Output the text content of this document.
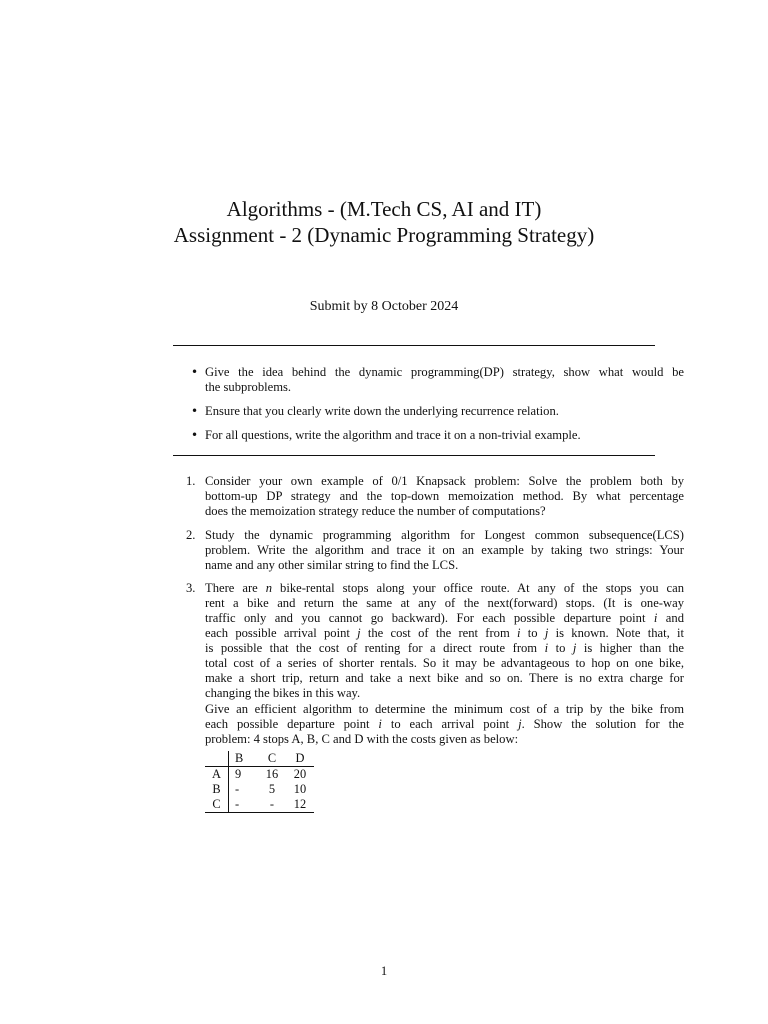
Algorithms - (M.Tech CS, AI and IT)
Assignment - 2 (Dynamic Programming Strategy)
Submit by 8 October 2024
• Give the idea behind the dynamic programming(DP) strategy, show what would be
the subproblems.
• Ensure that you clearly write down the underlying recurrence relation.
• For all questions, write the algorithm and trace it on a non-trivial example.
1. Consider your own example of 0/1 Knapsack problem: Solve the problem both by
bottom-up DP strategy and the top-down memoization method. By what percentage
does the memoization strategy reduce the number of computations?
2. Study the dynamic programming algorithm for Longest common subsequence(LCS)
problem. Write the algorithm and trace it on an example by taking two strings: Your
name and any other similar string to find the LCS.
3. There are n bike-rental stops along your office route. At any of the stops you can
rent a bike and return the same at any of the next(forward) stops. (It is one-way
traffic only and you cannot go backward). For each possible departure point i and
each possible arrival point j the cost of the rent from i to j is known. Note that, it
is possible that the cost of renting for a direct route from i to j is higher than the
total cost of a series of shorter rentals. So it may be advantageous to hop on one bike,
make a short trip, return and take a next bike and so on. There is no extra charge for
changing the bikes in this way.
Give an efficient algorithm to determine the minimum cost of a trip by the bike from
each possible departure point i to each arrival point j. Show the solution for the
problem: 4 stops A, B, C and D with the costs given as below:
	B	C	D
A	9	16	20
B	-	5	10
C	-	-	12
1
